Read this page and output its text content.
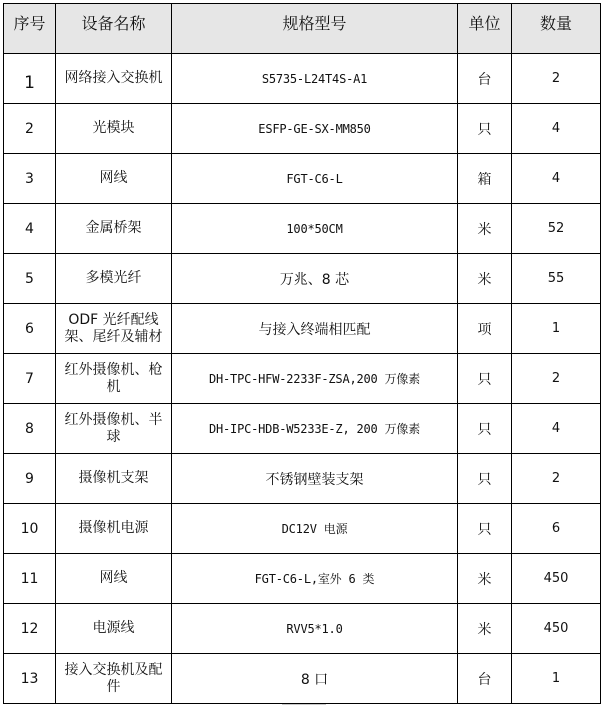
序号	设备名称	规格型号	单位	数量
1	网络接入交换机	S5735-L24T4S-A1	台	2
2	光模块	ESFP-GE-SX-MM850	只	4
3	网线	FGT-C6-L	箱	4
4	金属桥架	100*50CM	米	52
5	多模光纤	万兆、8 芯	米	55
6	ODF 光纤配线架、尾纤及辅材	与接入终端相匹配	项	1
7	红外摄像机、枪机	DH-TPC-HFW-2233F-ZSA,200 万像素	只	2
8	红外摄像机、半球	DH-IPC-HDB-W5233E-Z, 200 万像素	只	4
9	摄像机支架	不锈钢壁装支架	只	2
10	摄像机电源	DC12V 电源	只	6
11	网线	FGT-C6-L,室外 6 类	米	450
12	电源线	RVV5*1.0	米	450
13	接入交换机及配件	8 口	台	1
